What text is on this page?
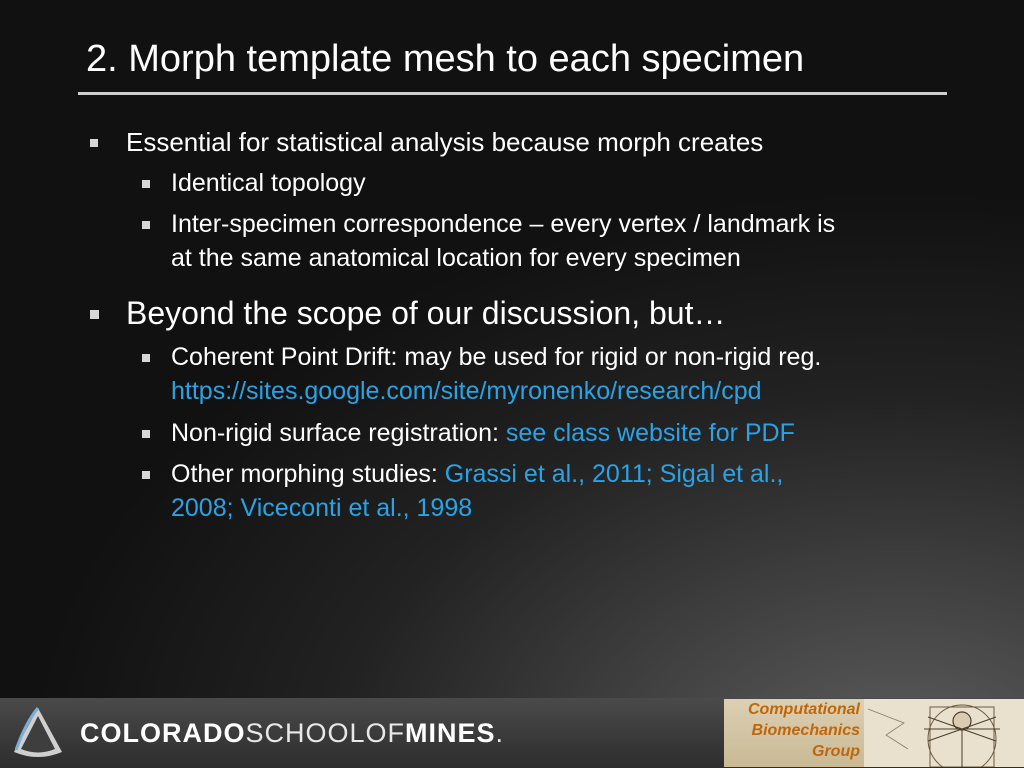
2. Morph template mesh to each specimen
Essential for statistical analysis because morph creates
Identical topology
Inter-specimen correspondence – every vertex / landmark is
at the same anatomical location for every specimen
Beyond the scope of our discussion, but…
Coherent Point Drift: may be used for rigid or non-rigid reg.
https://sites.google.com/site/myronenko/research/cpd
Non-rigid surface registration: see class website for PDF
Other morphing studies: Grassi et al., 2011; Sigal et al.,
2008; Viceconti et al., 1998
COLORADOSCHOOLOFMINES.
Computational
Biomechanics
Group
